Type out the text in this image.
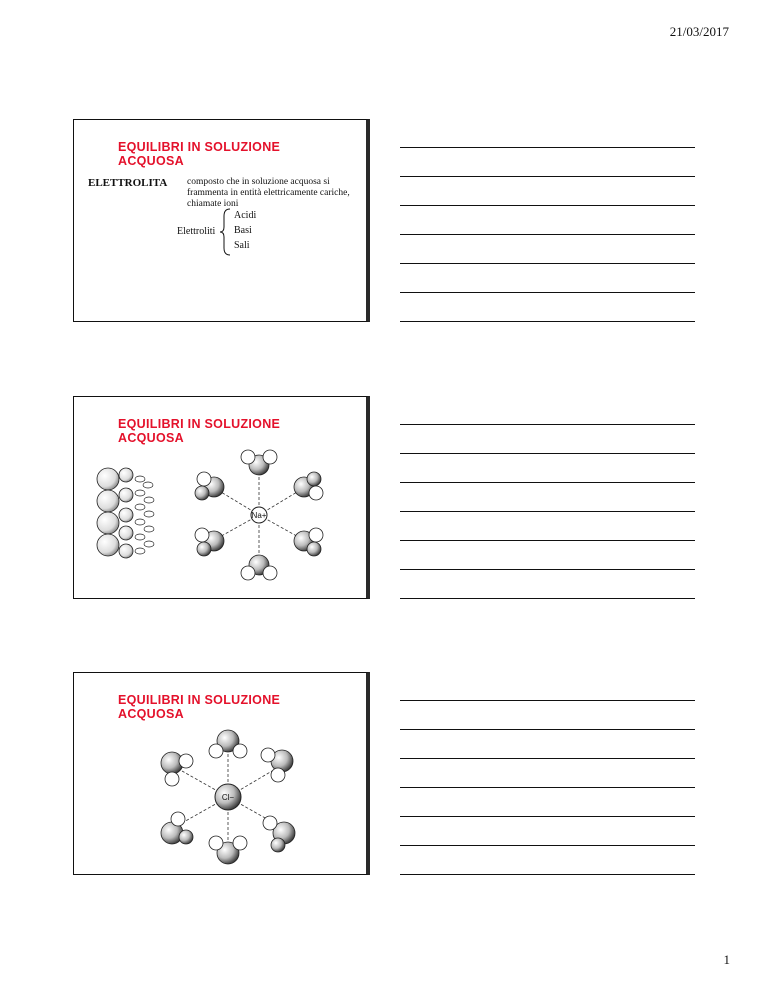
21/03/2017
EQUILIBRI IN SOLUZIONE ACQUOSA
ELETTROLITA composto che in soluzione acquosa si frammenta in entità elettricamente cariche, chiamate ioni
Elettroliti
Acidi
Basi
Sali
EQUILIBRI IN SOLUZIONE ACQUOSA
Na+
EQUILIBRI IN SOLUZIONE ACQUOSA
Cl−
1
